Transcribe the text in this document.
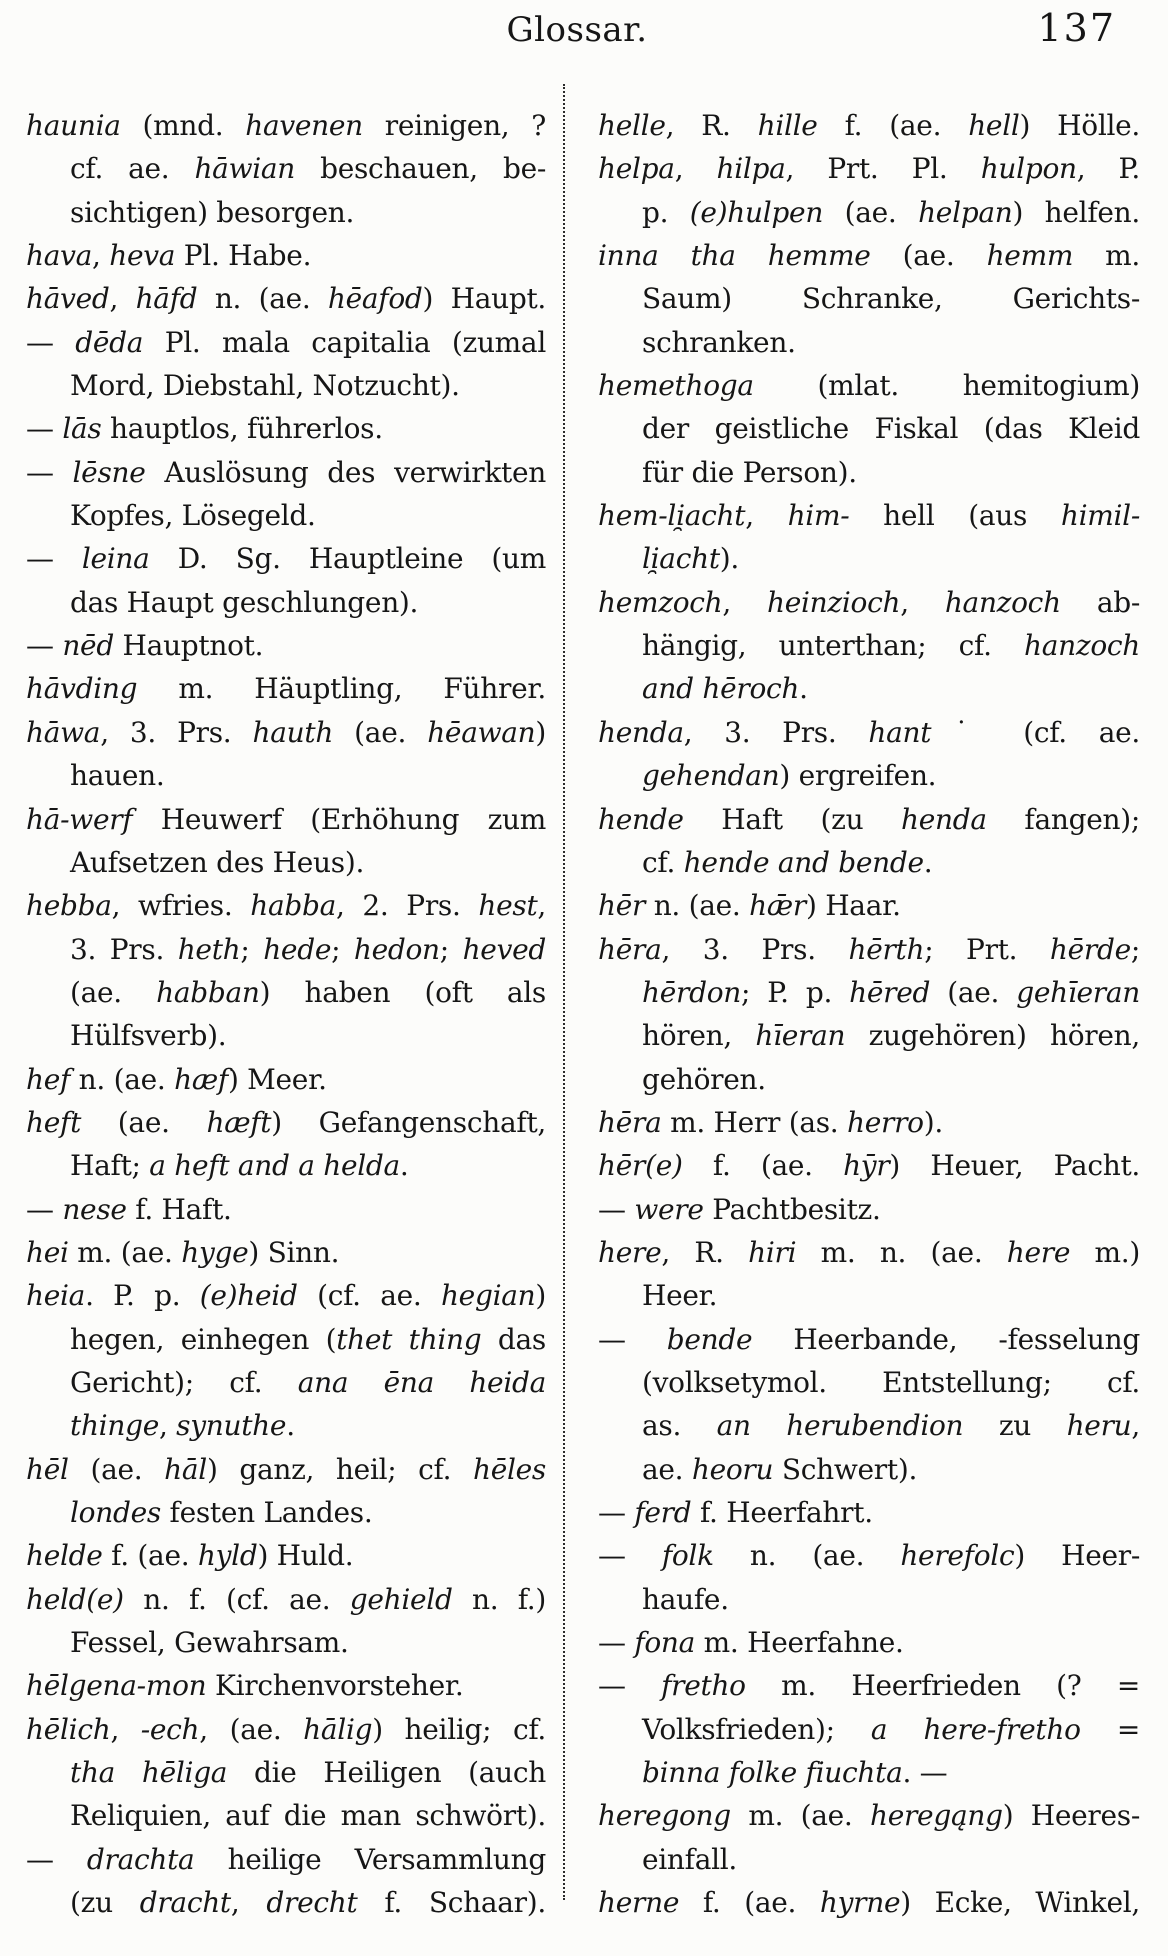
Glossar.	137
haunia (mnd. havenen reinigen, ?
cf. ae. hāwian beschauen, be-
sichtigen) besorgen.
hava, heva Pl. Habe.
hāved, hāfd n. (ae. hēafod) Haupt.
— dēda Pl. mala capitalia (zumal
Mord, Diebstahl, Notzucht).
— lās hauptlos, führerlos.
— lēsne Auslösung des verwirkten
Kopfes, Lösegeld.
— leina D. Sg. Hauptleine (um
das Haupt geschlungen).
— nēd Hauptnot.
hāvding m. Häuptling, Führer.
hāwa, 3. Prs. hauth (ae. hēawan)
hauen.
hā-werf Heuwerf (Erhöhung zum
Aufsetzen des Heus).
hebba, wfries. habba, 2. Prs. hest,
3. Prs. heth; hede; hedon; heved
(ae. habban) haben (oft als
Hülfsverb).
hef n. (ae. hæf) Meer.
heft (ae. hæft) Gefangenschaft,
Haft; a heft and a helda.
— nese f. Haft.
hei m. (ae. hyge) Sinn.
heia. P. p. (e)heid (cf. ae. hegian)
hegen, einhegen (thet thing das
Gericht); cf. ana ēna heida
thinge, synuthe.
hēl (ae. hāl) ganz, heil; cf. hēles
londes festen Landes.
helde f. (ae. hyld) Huld.
held(e) n. f. (cf. ae. gehield n. f.)
Fessel, Gewahrsam.
hēlgena-mon Kirchenvorsteher.
hēlich, -ech, (ae. hālig) heilig; cf.
tha hēliga die Heiligen (auch
Reliquien, auf die man schwört).
— drachta heilige Versammlung
(zu dracht, drecht f. Schaar).
helle, R. hille f. (ae. hell) Hölle.
helpa, hilpa, Prt. Pl. hulpon, P.
p. (e)hulpen (ae. helpan) helfen.
inna tha hemme (ae. hemm m.
Saum) Schranke, Gerichts-
schranken.
hemethoga (mlat. hemitogium)
der geistliche Fiskal (das Kleid
für die Person).
hem-li̯acht, him- hell (aus himil-
li̯acht).
hemzoch, heinzioch, hanzoch ab-
hängig, unterthan; cf. hanzoch
and hēroch.
henda, 3. Prs. hant˙ (cf. ae.
gehendan) ergreifen.
hende Haft (zu henda fangen);
cf. hende and bende.
hēr n. (ae. hǣr) Haar.
hēra, 3. Prs. hērth; Prt. hērde;
hērdon; P. p. hēred (ae. gehīeran
hören, hīeran zugehören) hören,
gehören.
hēra m. Herr (as. herro).
hēr(e) f. (ae. hȳr) Heuer, Pacht.
— were Pachtbesitz.
here, R. hiri m. n. (ae. here m.)
Heer.
— bende Heerbande, -fesselung
(volksetymol. Entstellung; cf.
as. an herubendion zu heru,
ae. heoru Schwert).
— ferd f. Heerfahrt.
— folk n. (ae. herefolc) Heer-
haufe.
— fona m. Heerfahne.
— fretho m. Heerfrieden (? =
Volksfrieden); a here-fretho =
binna folke fiuchta. —
heregong m. (ae. heregąng) Heeres-
einfall.
herne f. (ae. hyrne) Ecke, Winkel,
